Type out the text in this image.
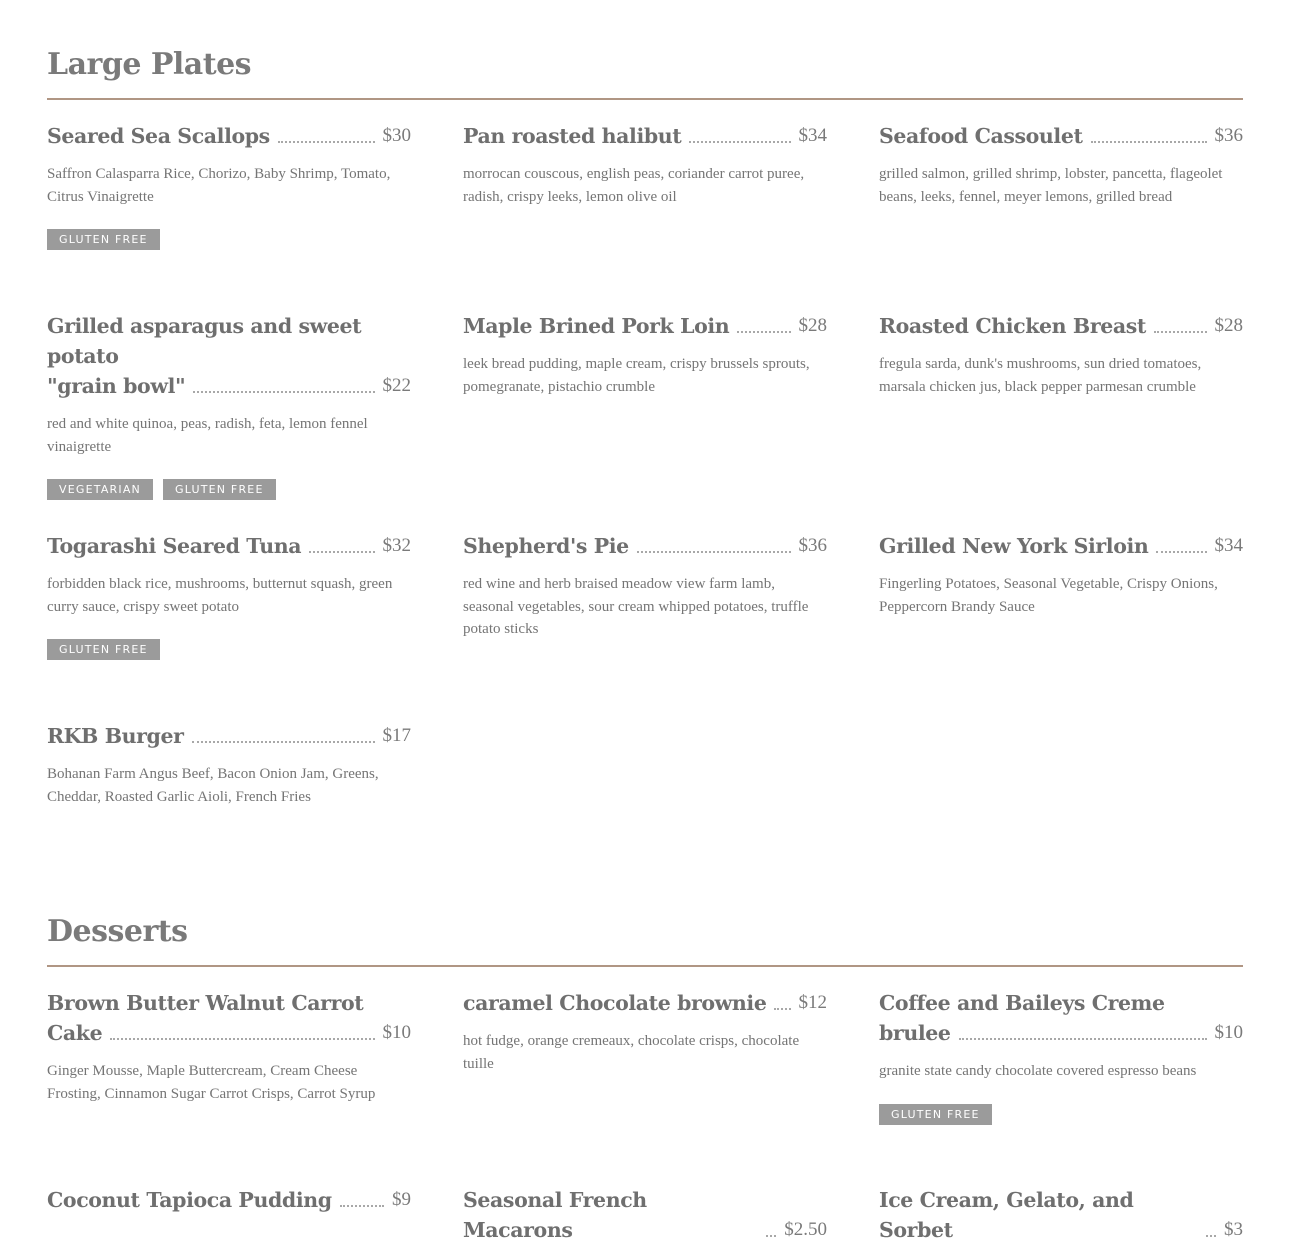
Large Plates
Seared Sea Scallops	$30
Saffron Calasparra Rice, Chorizo, Baby Shrimp, Tomato, Citrus Vinaigrette
GLUTEN FREE
Pan roasted halibut	$34
morrocan couscous, english peas, coriander carrot puree, radish, crispy leeks, lemon olive oil
Seafood Cassoulet	$36
grilled salmon, grilled shrimp, lobster, pancetta, flageolet beans, leeks, fennel, meyer lemons, grilled bread
Grilled asparagus and sweet potato
"grain bowl"	$22
red and white quinoa, peas, radish, feta, lemon fennel vinaigrette
VEGETARIAN	GLUTEN FREE
Maple Brined Pork Loin	$28
leek bread pudding, maple cream, crispy brussels sprouts, pomegranate, pistachio crumble
Roasted Chicken Breast	$28
fregula sarda, dunk's mushrooms, sun dried tomatoes, marsala chicken jus, black pepper parmesan crumble
Togarashi Seared Tuna	$32
forbidden black rice, mushrooms, butternut squash, green curry sauce, crispy sweet potato
GLUTEN FREE
Shepherd's Pie	$36
red wine and herb braised meadow view farm lamb, seasonal vegetables, sour cream whipped potatoes, truffle potato sticks
Grilled New York Sirloin	$34
Fingerling Potatoes, Seasonal Vegetable, Crispy Onions, Peppercorn Brandy Sauce
RKB Burger	$17
Bohanan Farm Angus Beef, Bacon Onion Jam, Greens, Cheddar, Roasted Garlic Aioli, French Fries
Desserts
Brown Butter Walnut Carrot
Cake	$10
Ginger Mousse, Maple Buttercream, Cream Cheese Frosting, Cinnamon Sugar Carrot Crisps, Carrot Syrup
caramel Chocolate brownie $12
hot fudge, orange cremeaux, chocolate crisps, chocolate tuille
Coffee and Baileys Creme
brulee	$10
granite state candy chocolate covered espresso beans
GLUTEN FREE
Coconut Tapioca Pudding	$9	Seasonal French Macarons	$2.50
Ice Cream, Gelato, and Sorbet	$3
